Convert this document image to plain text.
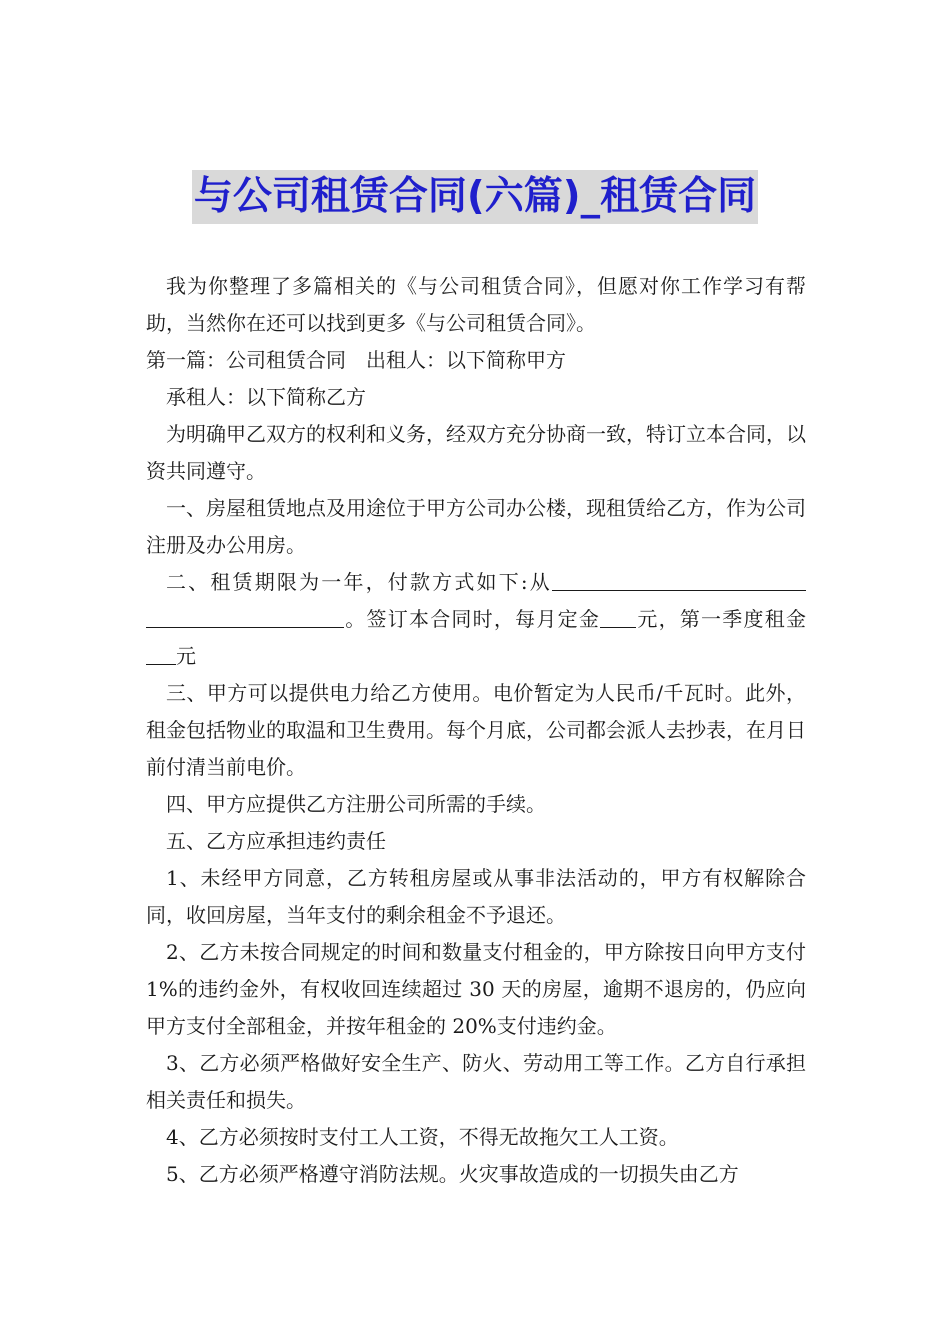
与公司租赁合同(六篇)_租赁合同

我为你整理了多篇相关的《与公司租赁合同》，但愿对你工作学习有帮助，当然你在还可以找到更多《与公司租赁合同》。

第一篇：公司租赁合同　出租人：以下简称甲方

承租人：以下简称乙方

为明确甲乙双方的权利和义务，经双方充分协商一致，特订立本合同，以资共同遵守。

一、房屋租赁地点及用途位于甲方公司办公楼，现租赁给乙方，作为公司注册及办公用房。

二、租赁期限为一年，付款方式如下:从。签订本合同时，每月定金 元，第一季度租金元

三、甲方可以提供电力给乙方使用。电价暂定为人民币/千瓦时。此外，租金包括物业的取温和卫生费用。每个月底，公司都会派人去抄表，在月日前付清当前电价。

四、甲方应提供乙方注册公司所需的手续。

五、乙方应承担违约责任

1、未经甲方同意，乙方转租房屋或从事非法活动的，甲方有权解除合同，收回房屋，当年支付的剩余租金不予退还。

2、乙方未按合同规定的时间和数量支付租金的，甲方除按日向甲方支付 1%的违约金外，有权收回连续超过 30 天的房屋，逾期不退房的，仍应向甲方支付全部租金，并按年租金的 20%支付违约金。

3、乙方必须严格做好安全生产、防火、劳动用工等工作。乙方自行承担相关责任和损失。

4、乙方必须按时支付工人工资，不得无故拖欠工人工资。

5、乙方必须严格遵守消防法规。火灾事故造成的一切损失由乙方
